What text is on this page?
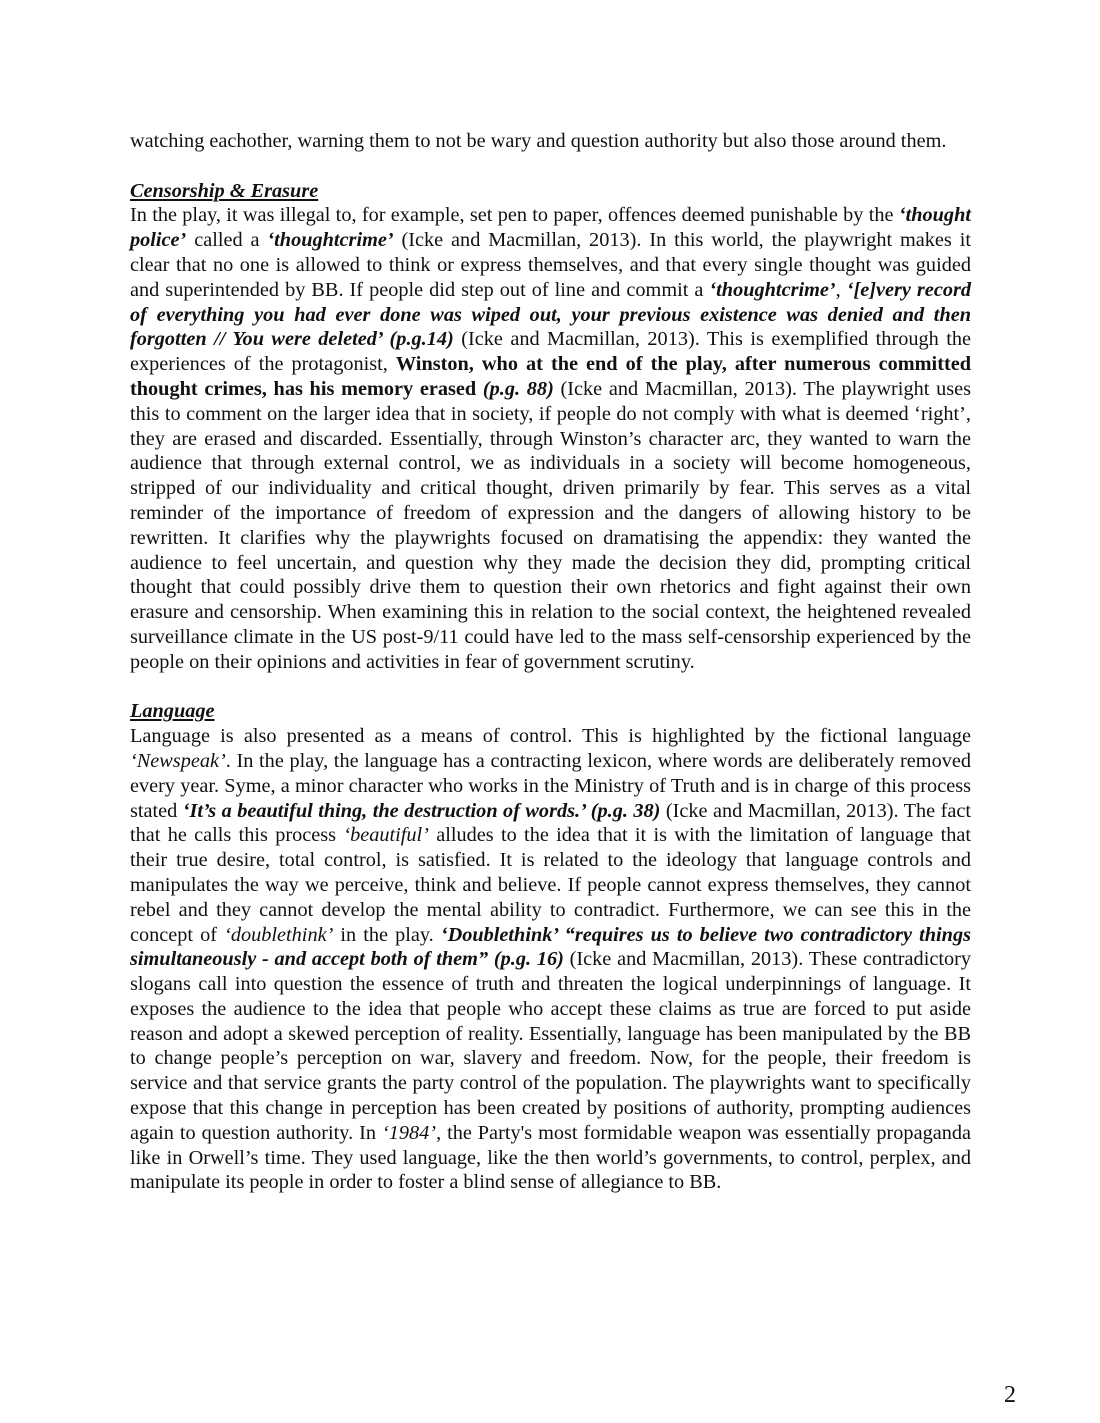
watching eachother, warning them to not be wary and question authority but also those around them.

Censorship & Erasure

In the play, it was illegal to, for example, set pen to paper, offences deemed punishable by the ‘thought police’ called a ‘thoughtcrime’ (Icke and Macmillan, 2013). In this world, the playwright makes it clear that no one is allowed to think or express themselves, and that every single thought was guided and superintended by BB. If people did step out of line and commit a ‘thoughtcrime’, ‘[e]very record of everything you had ever done was wiped out, your previous existence was denied and then forgotten // You were deleted’ (p.g.14) (Icke and Macmillan, 2013). This is exemplified through the experiences of the protagonist, Winston, who at the end of the play, after numerous committed thought crimes, has his memory erased (p.g. 88) (Icke and Macmillan, 2013). The playwright uses this to comment on the larger idea that in society, if people do not comply with what is deemed ‘right’, they are erased and discarded. Essentially, through Winston’s character arc, they wanted to warn the audience that through external control, we as individuals in a society will become homogeneous, stripped of our individuality and critical thought, driven primarily by fear. This serves as a vital reminder of the importance of freedom of expression and the dangers of allowing history to be rewritten. It clarifies why the playwrights focused on dramatising the appendix: they wanted the audience to feel uncertain, and question why they made the decision they did, prompting critical thought that could possibly drive them to question their own rhetorics and fight against their own erasure and censorship. When examining this in relation to the social context, the heightened revealed surveillance climate in the US post-9/11 could have led to the mass self-censorship experienced by the people on their opinions and activities in fear of government scrutiny.

Language

Language is also presented as a means of control. This is highlighted by the fictional language ‘Newspeak’. In the play, the language has a contracting lexicon, where words are deliberately removed every year. Syme, a minor character who works in the Ministry of Truth and is in charge of this process stated ‘It’s a beautiful thing, the destruction of words.’ (p.g. 38) (Icke and Macmillan, 2013). The fact that he calls this process ‘beautiful’ alludes to the idea that it is with the limitation of language that their true desire, total control, is satisfied. It is related to the ideology that language controls and manipulates the way we perceive, think and believe. If people cannot express themselves, they cannot rebel and they cannot develop the mental ability to contradict. Furthermore, we can see this in the concept of ‘doublethink’ in the play. ‘Doublethink’ “requires us to believe two contradictory things simultaneously - and accept both of them” (p.g. 16) (Icke and Macmillan, 2013). These contradictory slogans call into question the essence of truth and threaten the logical underpinnings of language. It exposes the audience to the idea that people who accept these claims as true are forced to put aside reason and adopt a skewed perception of reality. Essentially, language has been manipulated by the BB to change people’s perception on war, slavery and freedom. Now, for the people, their freedom is service and that service grants the party control of the population. The playwrights want to specifically expose that this change in perception has been created by positions of authority, prompting audiences again to question authority. In ‘1984’, the Party's most formidable weapon was essentially propaganda like in Orwell’s time. They used language, like the then world’s governments, to control, perplex, and manipulate its people in order to foster a blind sense of allegiance to BB.

2
